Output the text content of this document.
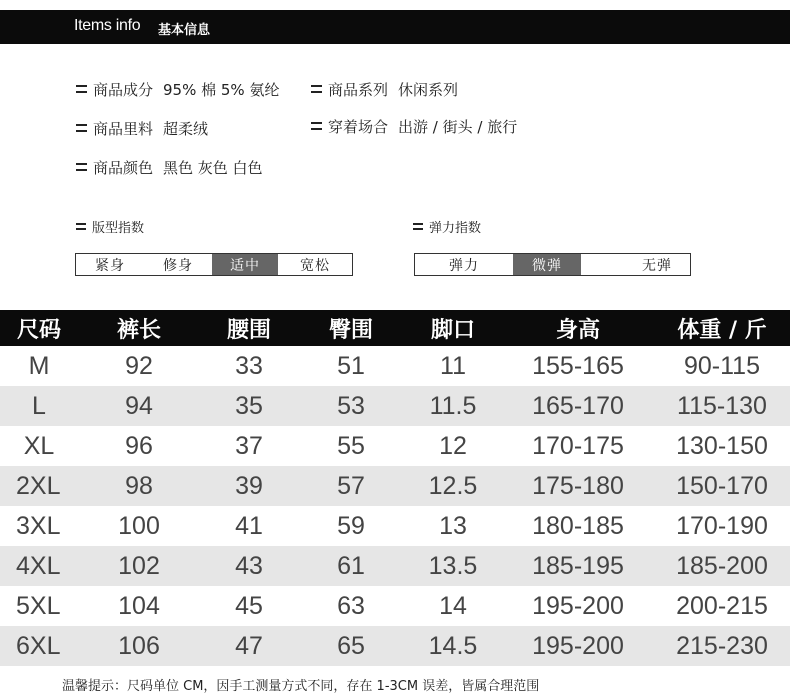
Items info 基本信息
商品成分 95% 棉 5% 氨纶	商品系列 休闲系列
商品里料 超柔绒	穿着场合 出游 / 街头 / 旅行
商品颜色 黑色 灰色 白色
版型指数
紧身	修身	适中	宽松
弹力指数
弹力	微弹	无弹
尺码	裤长	腰围	臀围	脚口	身高	体重 / 斤
M	92	33	51	11	155-165	90-115
L	94	35	53	11.5	165-170	115-130
XL	96	37	55	12	170-175	130-150
2XL	98	39	57	12.5	175-180	150-170
3XL	100	41	59	13	180-185	170-190
4XL	102	43	61	13.5	185-195	185-200
5XL	104	45	63	14	195-200	200-215
6XL	106	47	65	14.5	195-200	215-230
温馨提示：尺码单位 CM，因手工测量方式不同，存在 1-3CM 误差，皆属合理范围
